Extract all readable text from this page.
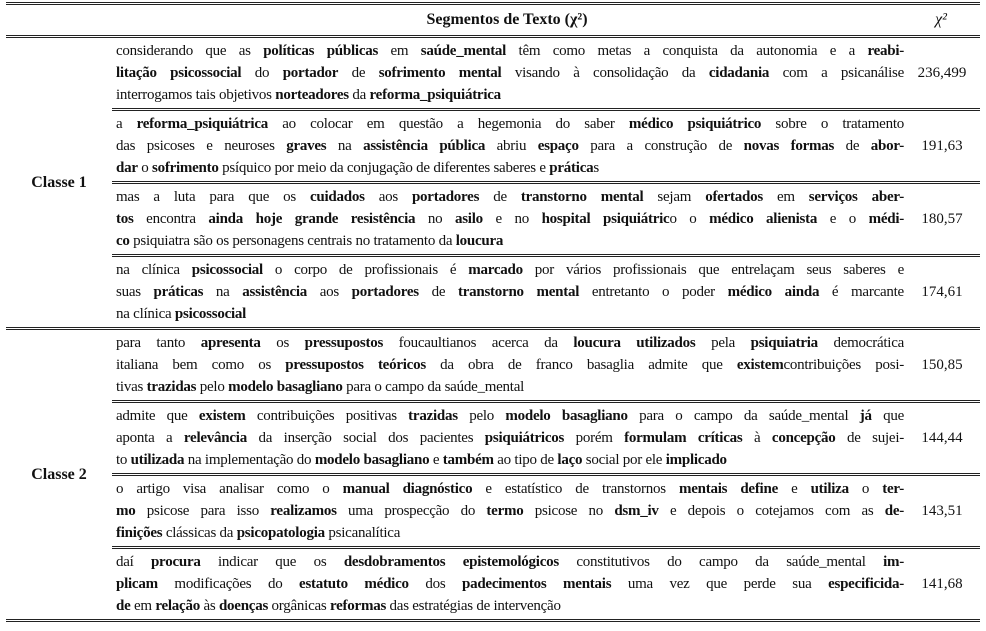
Segmentos de Texto (χ²)	χ²
Classe 1
considerando que as políticas públicas em saúde_mental têm como metas a conquista da autonomia e a reabi-
litação psicossocial do portador de sofrimento mental visando à consolidação da cidadania com a psicanálise
interrogamos tais objetivos norteadores da reforma_psiquiátrica
236,499
a reforma_psiquiátrica ao colocar em questão a hegemonia do saber médico psiquiátrico sobre o tratamento
das psicoses e neuroses graves na assistência pública abriu espaço para a construção de novas formas de abor-
dar o sofrimento psíquico por meio da conjugação de diferentes saberes e práticas
191,63
mas a luta para que os cuidados aos portadores de transtorno mental sejam ofertados em serviços aber-
tos encontra ainda hoje grande resistência no asilo e no hospital psiquiátrico o médico alienista e o médi-
co psiquiatra são os personagens centrais no tratamento da loucura
180,57
na clínica psicossocial o corpo de profissionais é marcado por vários profissionais que entrelaçam seus saberes e
suas práticas na assistência aos portadores de transtorno mental entretanto o poder médico ainda é marcante
na clínica psicossocial
174,61
Classe 2
para tanto apresenta os pressupostos foucaultianos acerca da loucura utilizados pela psiquiatria democrática
italiana bem como os pressupostos teóricos da obra de franco basaglia admite que existemcontribuições posi-
tivas trazidas pelo modelo basagliano para o campo da saúde_mental
150,85
admite que existem contribuições positivas trazidas pelo modelo basagliano para o campo da saúde_mental já que
aponta a relevância da inserção social dos pacientes psiquiátricos porém formulam críticas à concepção de sujei-
to utilizada na implementação do modelo basagliano e também ao tipo de laço social por ele implicado
144,44
o artigo visa analisar como o manual diagnóstico e estatístico de transtornos mentais define e utiliza o ter-
mo psicose para isso realizamos uma prospecção do termo psicose no dsm_iv e depois o cotejamos com as de-
finições clássicas da psicopatologia psicanalítica
143,51
daí procura indicar que os desdobramentos epistemológicos constitutivos do campo da saúde_mental im-
plicam modificações do estatuto médico dos padecimentos mentais uma vez que perde sua especificida-
de em relação às doenças orgânicas reformas das estratégias de intervenção
141,68
